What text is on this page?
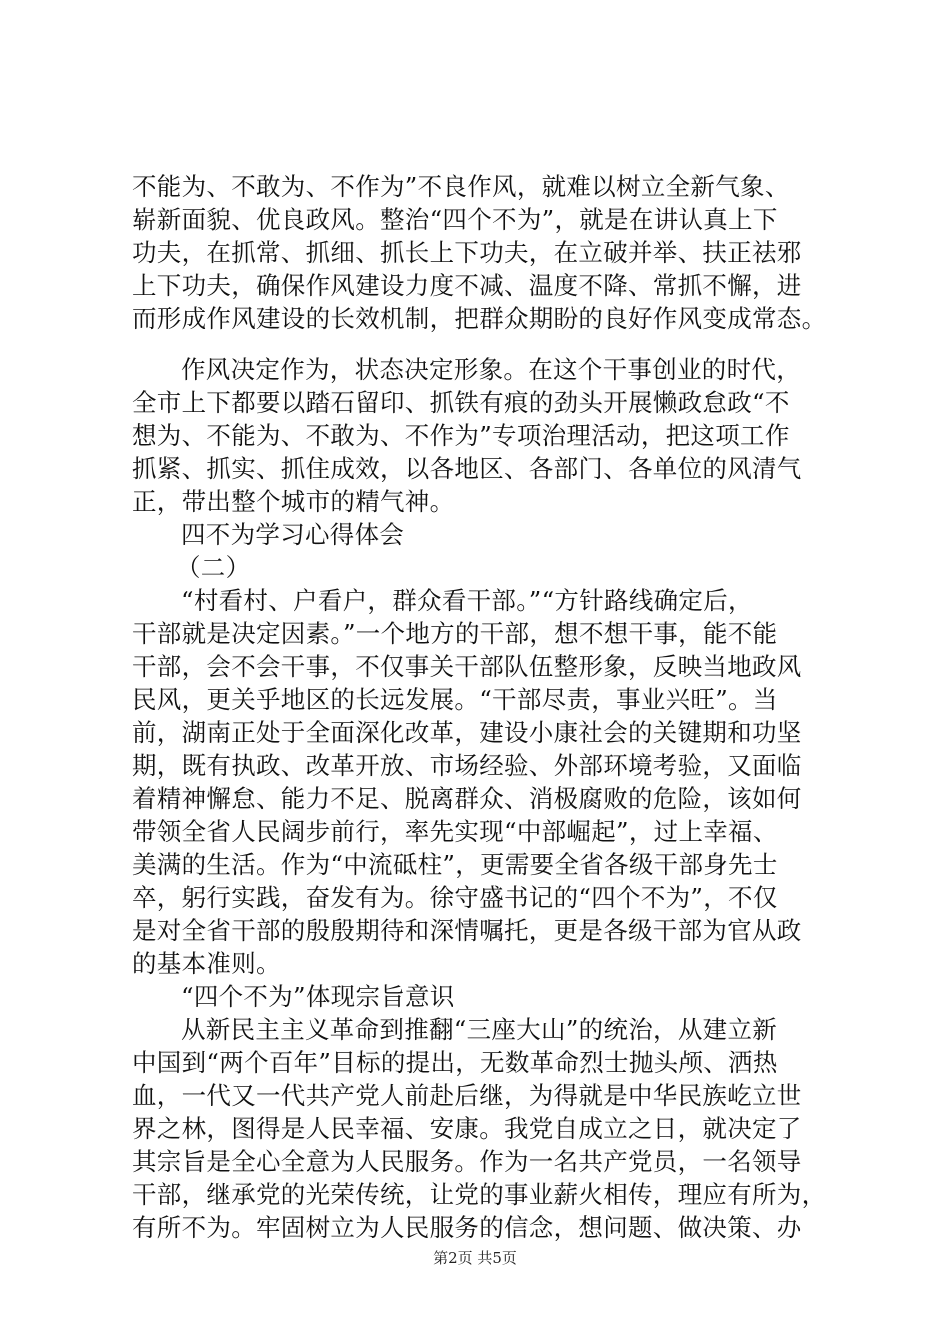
不能为、不敢为、不作为”不良作风，就难以树立全新气象、
崭新面貌、优良政风。整治“四个不为”，就是在讲认真上下
功夫，在抓常、抓细、抓长上下功夫，在立破并举、扶正祛邪
上下功夫，确保作风建设力度不减、温度不降、常抓不懈，进
而形成作风建设的长效机制，把群众期盼的良好作风变成常态。
作风决定作为，状态决定形象。在这个干事创业的时代，
全市上下都要以踏石留印、抓铁有痕的劲头开展懒政怠政“不
想为、不能为、不敢为、不作为”专项治理活动，把这项工作
抓紧、抓实、抓住成效，以各地区、各部门、各单位的风清气
正，带出整个城市的精气神。
四不为学习心得体会
（二）
“村看村、户看户，群众看干部。”“方针路线确定后，
干部就是决定因素。”一个地方的干部，想不想干事，能不能
干部，会不会干事，不仅事关干部队伍整形象，反映当地政风
民风，更关乎地区的长远发展。“干部尽责，事业兴旺”。当
前，湖南正处于全面深化改革，建设小康社会的关键期和功坚
期，既有执政、改革开放、市场经验、外部环境考验，又面临
着精神懈怠、能力不足、脱离群众、消极腐败的危险，该如何
带领全省人民阔步前行，率先实现“中部崛起”，过上幸福、
美满的生活。作为“中流砥柱”，更需要全省各级干部身先士
卒，躬行实践，奋发有为。徐守盛书记的“四个不为”，不仅
是对全省干部的殷殷期待和深情嘱托，更是各级干部为官从政
的基本准则。
“四个不为”体现宗旨意识
从新民主主义革命到推翻“三座大山”的统治，从建立新
中国到“两个百年”目标的提出，无数革命烈士抛头颅、洒热
血，一代又一代共产党人前赴后继，为得就是中华民族屹立世
界之林，图得是人民幸福、安康。我党自成立之日，就决定了
其宗旨是全心全意为人民服务。作为一名共产党员，一名领导
干部，继承党的光荣传统，让党的事业薪火相传，理应有所为，
有所不为。牢固树立为人民服务的信念，想问题、做决策、办
第2页 共5页
